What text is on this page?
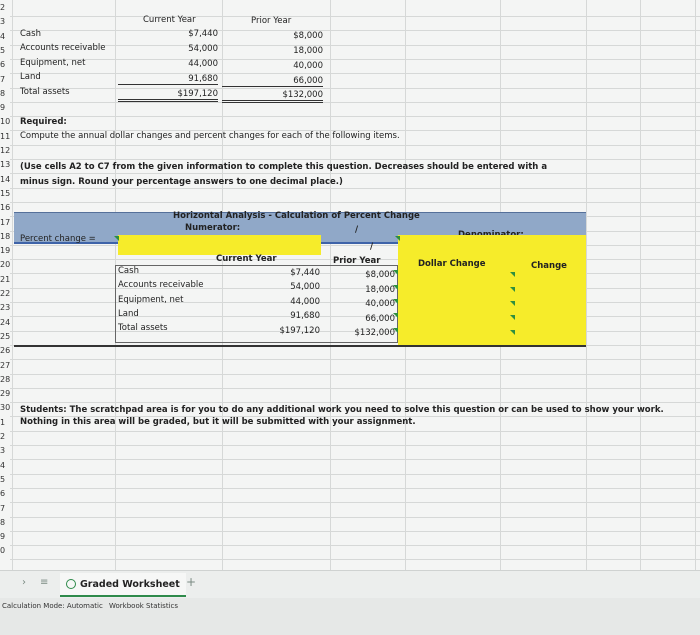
2
3
4
5
6
7
8
9
10
11
12
13
14
15
16
17
18
19
20
21
22
23
24
25
26
27
28
29
30
1
2
3
4
5
6
7
8
9
0
Current Year	Prior Year
Cash	$7,440	$8,000
Accounts receivable	54,000	18,000
Equipment, net	44,000	40,000
Land	91,680	66,000
Total assets	$197,120	$132,000
Required:
Compute the annual dollar changes and percent changes for each of the following items.
(Use cells A2 to C7 from the given information to complete this question. Decreases should be entered with a
minus sign. Round your percentage answers to one decimal place.)
Horizontal Analysis - Calculation of Percent Change
Numerator:	/
Percent change =
/
Current Year	Prior Year	Dollar Change	Change
Cash	$7,440	$8,000
Accounts receivable	54,000	18,000
Equipment, net	44,000	40,000
Land	91,680	66,000
Total assets	$197,120	$132,000
Students: The scratchpad area is for you to do any additional work you need to solve this question or can be used to show your work.
Nothing in this area will be graded, but it will be submitted with your assignment.
› ≡	Graded Worksheet +
Calculation Mode: Automatic Workbook Statistics
